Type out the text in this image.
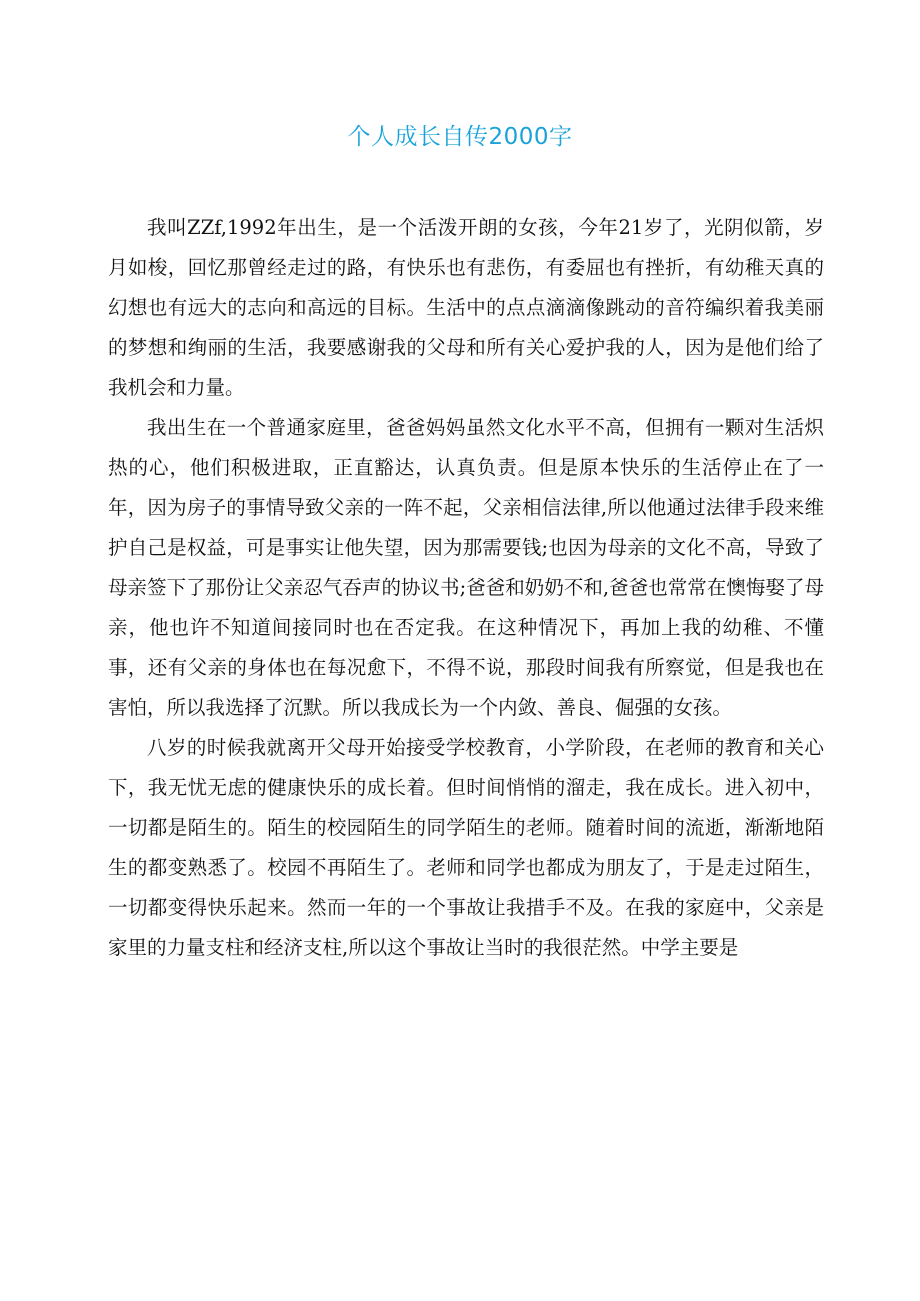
个人成长自传2000字

我叫ZZf,1992年出生，是一个活泼开朗的女孩，今年21岁了，光阴似箭，岁月如梭，回忆那曾经走过的路，有快乐也有悲伤，有委屈也有挫折，有幼稚天真的幻想也有远大的志向和高远的目标。生活中的点点滴滴像跳动的音符编织着我美丽的梦想和绚丽的生活，我要感谢我的父母和所有关心爱护我的人，因为是他们给了我机会和力量。

我出生在一个普通家庭里，爸爸妈妈虽然文化水平不高，但拥有一颗对生活炽热的心，他们积极进取，正直豁达，认真负责。但是原本快乐的生活停止在了一年，因为房子的事情导致父亲的一阵不起，父亲相信法律,所以他通过法律手段来维护自己是权益，可是事实让他失望，因为那需要钱;也因为母亲的文化不高，导致了母亲签下了那份让父亲忍气吞声的协议书;爸爸和奶奶不和,爸爸也常常在懊悔娶了母亲，他也许不知道间接同时也在否定我。在这种情况下，再加上我的幼稚、不懂事，还有父亲的身体也在每况愈下，不得不说，那段时间我有所察觉，但是我也在害怕，所以我选择了沉默。所以我成长为一个内敛、善良、倔强的女孩。

八岁的时候我就离开父母开始接受学校教育，小学阶段，在老师的教育和关心下，我无忧无虑的健康快乐的成长着。但时间悄悄的溜走，我在成长。进入初中，一切都是陌生的。陌生的校园陌生的同学陌生的老师。随着时间的流逝，渐渐地陌生的都变熟悉了。校园不再陌生了。老师和同学也都成为朋友了，于是走过陌生，一切都变得快乐起来。然而一年的一个事故让我措手不及。在我的家庭中，父亲是家里的力量支柱和经济支柱,所以这个事故让当时的我很茫然。中学主要是
